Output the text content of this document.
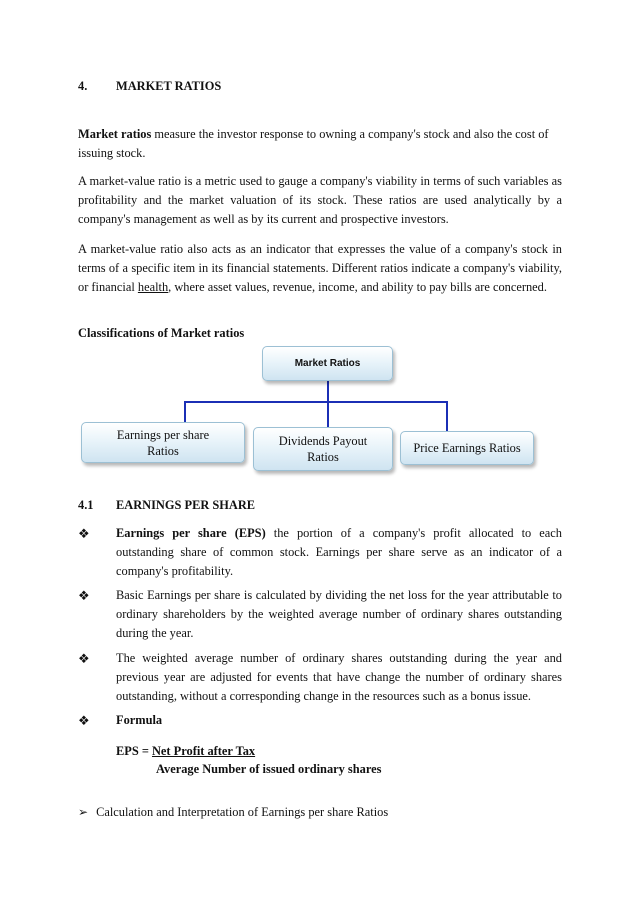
4. MARKET RATIOS
Market ratios measure the investor response to owning a company's stock and also the cost of issuing stock.
A market-value ratio is a metric used to gauge a company's viability in terms of such variables as profitability and the market valuation of its stock. These ratios are used analytically by a company's management as well as by its current and prospective investors.
A market-value ratio also acts as an indicator that expresses the value of a company's stock in terms of a specific item in its financial statements. Different ratios indicate a company's viability, or financial health, where asset values, revenue, income, and ability to pay bills are concerned.
Classifications of Market ratios
Market Ratios
Earnings per share Ratios
Dividends Payout Ratios
Price Earnings Ratios
4.1 EARNINGS PER SHARE
❖ Earnings per share (EPS) the portion of a company's profit allocated to each outstanding share of common stock. Earnings per share serve as an indicator of a company's profitability.
❖ Basic Earnings per share is calculated by dividing the net loss for the year attributable to ordinary shareholders by the weighted average number of ordinary shares outstanding during the year.
❖ The weighted average number of ordinary shares outstanding during the year and previous year are adjusted for events that have change the number of ordinary shares outstanding, without a corresponding change in the resources such as a bonus issue.
❖ Formula
EPS = Net Profit after Tax
Average Number of issued ordinary shares
➢ Calculation and Interpretation of Earnings per share Ratios
